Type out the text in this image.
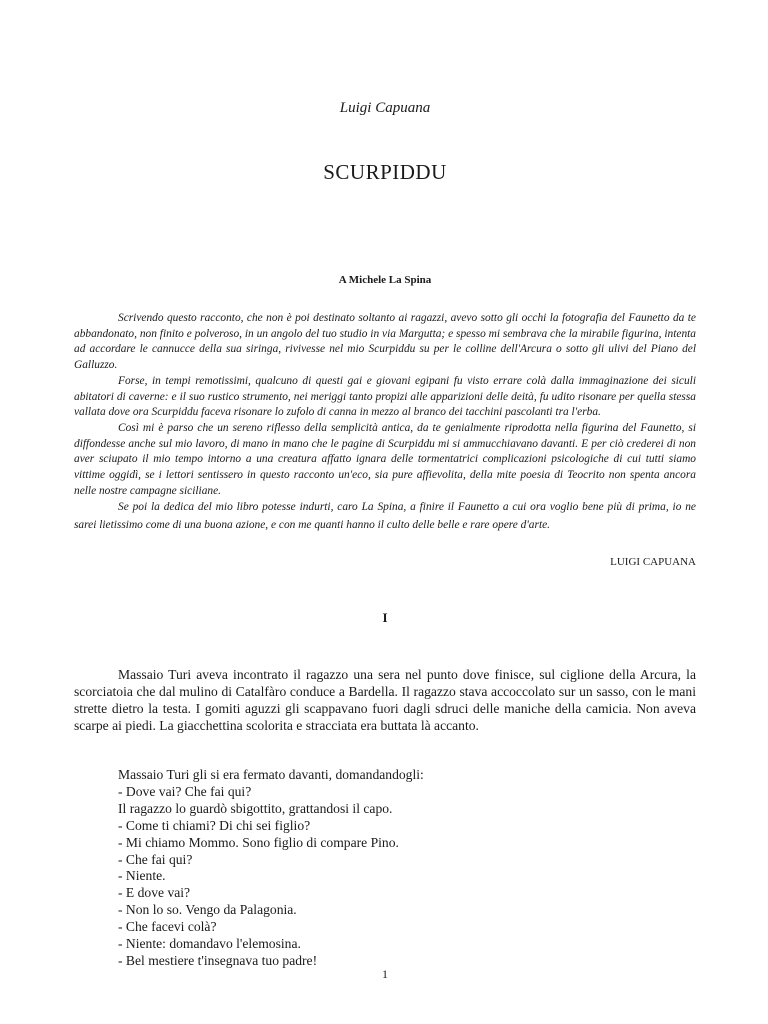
Luigi Capuana
SCURPIDDU
A Michele La Spina

Scrivendo questo racconto, che non è poi destinato soltanto ai ragazzi, avevo sotto gli occhi la fotografia del Faunetto da te abbandonato, non finito e polveroso, in un angolo del tuo studio in via Margutta; e spesso mi sembrava che la mirabile figurina, intenta ad accordare le cannucce della sua siringa, rivivesse nel mio Scurpiddu su per le colline dell'Arcura o sotto gli ulivi del Piano del Galluzzo.

Forse, in tempi remotissimi, qualcuno di questi gai e giovani egipani fu visto errare colà dalla immaginazione dei siculi abitatori di caverne: e il suo rustico strumento, nei meriggi tanto propizi alle apparizioni delle deità, fu udito risonare per quella stessa vallata dove ora Scurpiddu faceva risonare lo zufolo di canna in mezzo al branco dei tacchini pascolanti tra l'erba.

Così mi è parso che un sereno riflesso della semplicità antica, da te genialmente riprodotta nella figurina del Faunetto, si diffondesse anche sul mio lavoro, di mano in mano che le pagine di Scurpiddu mi si ammucchiavano davanti. E per ciò crederei di non aver sciupato il mio tempo intorno a una creatura affatto ignara delle tormentatrici complicazioni psicologiche di cui tutti siamo vittime oggidì, se i lettori sentissero in questo racconto un'eco, sia pure affievolita, della mite poesia di Teocrito non spenta ancora nelle nostre campagne siciliane.

Se poi la dedica del mio libro potesse indurti, caro La Spina, a finire il Faunetto a cui ora voglio bene più di prima, io ne sarei lietissimo come di una buona azione, e con me quanti hanno il culto delle belle e rare opere d'arte.

LUIGI CAPUANA
I

Massaio Turi aveva incontrato il ragazzo una sera nel punto dove finisce, sul ciglione della Arcura, la scorciatoia che dal mulino di Catalfàro conduce a Bardella. Il ragazzo stava accoccolato sur un sasso, con le mani strette dietro la testa. I gomiti aguzzi gli scappavano fuori dagli sdruci delle maniche della camicia. Non aveva scarpe ai piedi. La giacchettina scolorita e stracciata era buttata là accanto.

Massaio Turi gli si era fermato davanti, domandandogli:
- Dove vai? Che fai qui?
Il ragazzo lo guardò sbigottito, grattandosi il capo.
- Come ti chiami? Di chi sei figlio?
- Mi chiamo Mommo. Sono figlio di compare Pino.
- Che fai qui?
- Niente.
- E dove vai?
- Non lo so. Vengo da Palagonia.
- Che facevi colà?
- Niente: domandavo l'elemosina.
- Bel mestiere t'insegnava tuo padre!
1
